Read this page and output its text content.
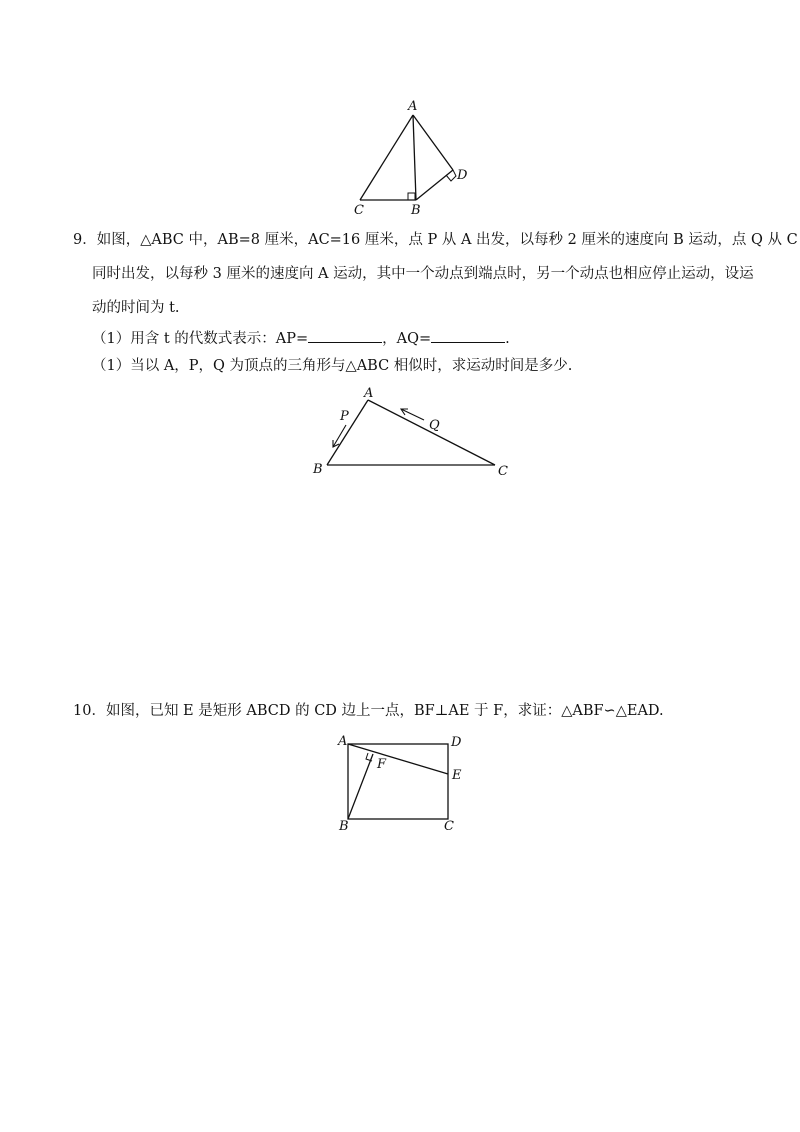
A
C	B
D
9．如图，△ABC 中，AB=8 厘米，AC=16 厘米，点 P 从 A 出发，以每秒 2 厘米的速度向 B 运动，点 Q 从 C
同时出发，以每秒 3 厘米的速度向 A 运动，其中一个动点到端点时，另一个动点也相应停止运动，设运
动的时间为 t.
（1）用含 t 的代数式表示：AP=	，AQ=	.
（1）当以 A，P，Q 为顶点的三角形与△ABC 相似时，求运动时间是多少.
A
B	C
P
Q
10．如图，已知 E 是矩形 ABCD 的 CD 边上一点，BF⊥AE 于 F，求证：△ABF∽△EAD.
A	D
F
E
B	C
